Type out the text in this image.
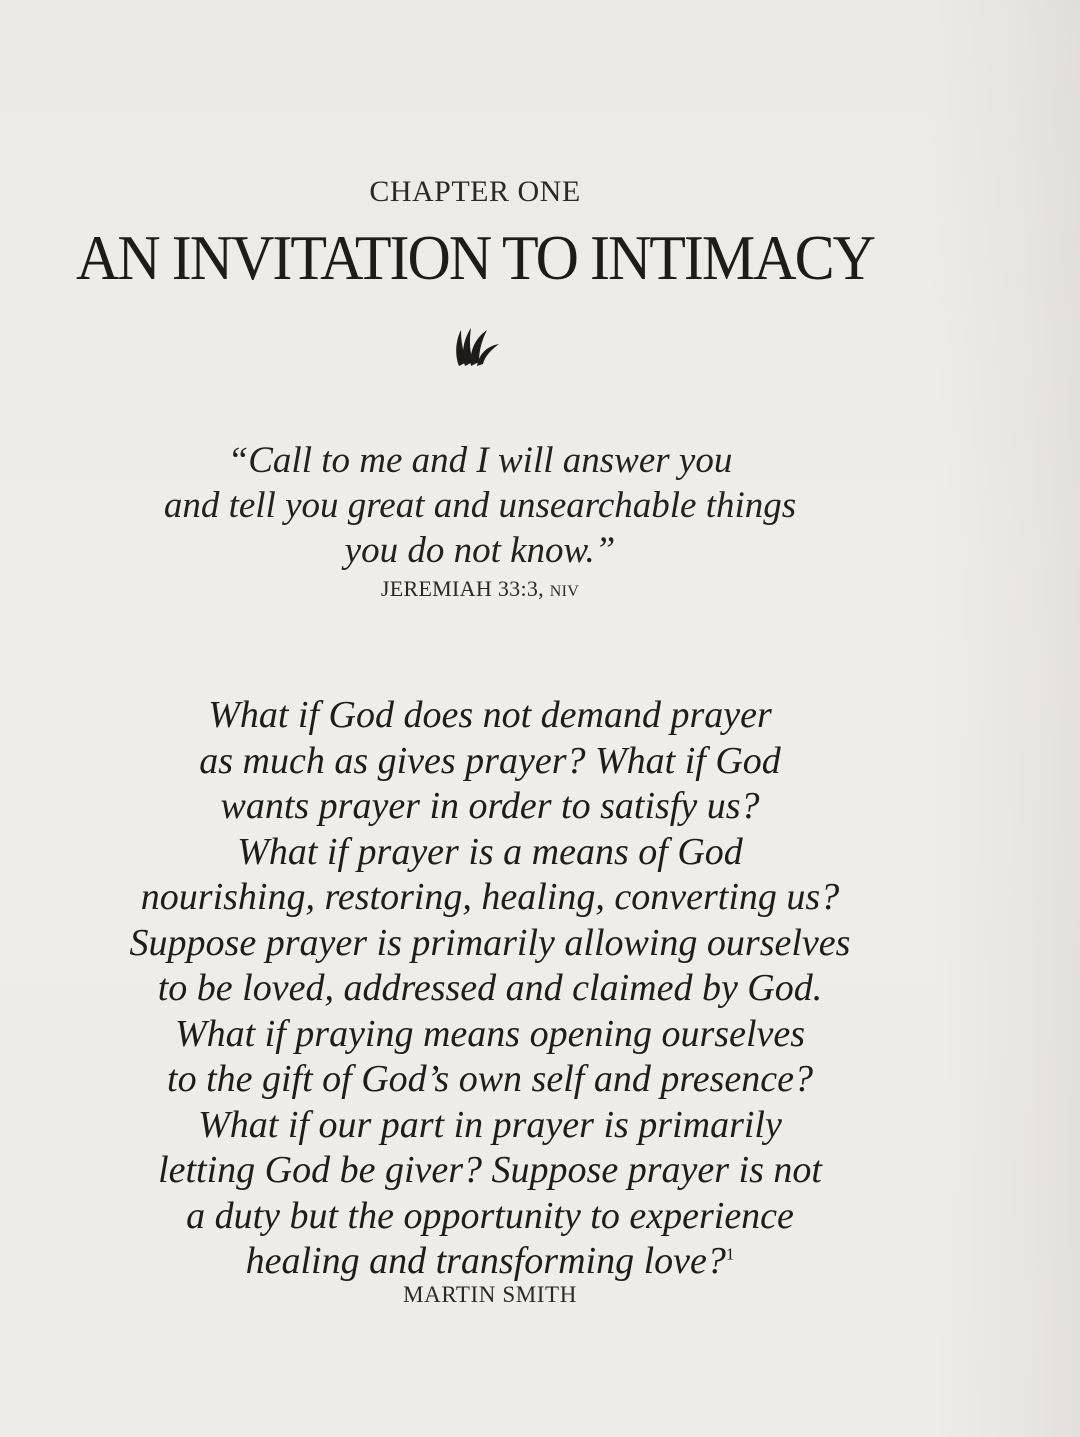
CHAPTER ONE
AN INVITATION TO INTIMACY
“Call to me and I will answer you
and tell you great and unsearchable things
you do not know.”
JEREMIAH 33:3, NIV
What if God does not demand prayer
as much as gives prayer? What if God
wants prayer in order to satisfy us?
What if prayer is a means of God
nourishing, restoring, healing, converting us?
Suppose prayer is primarily allowing ourselves
to be loved, addressed and claimed by God.
What if praying means opening ourselves
to the gift of God’s own self and presence?
What if our part in prayer is primarily
letting God be giver? Suppose prayer is not
a duty but the opportunity to experience
healing and transforming love?$^1$
MARTIN SMITH
